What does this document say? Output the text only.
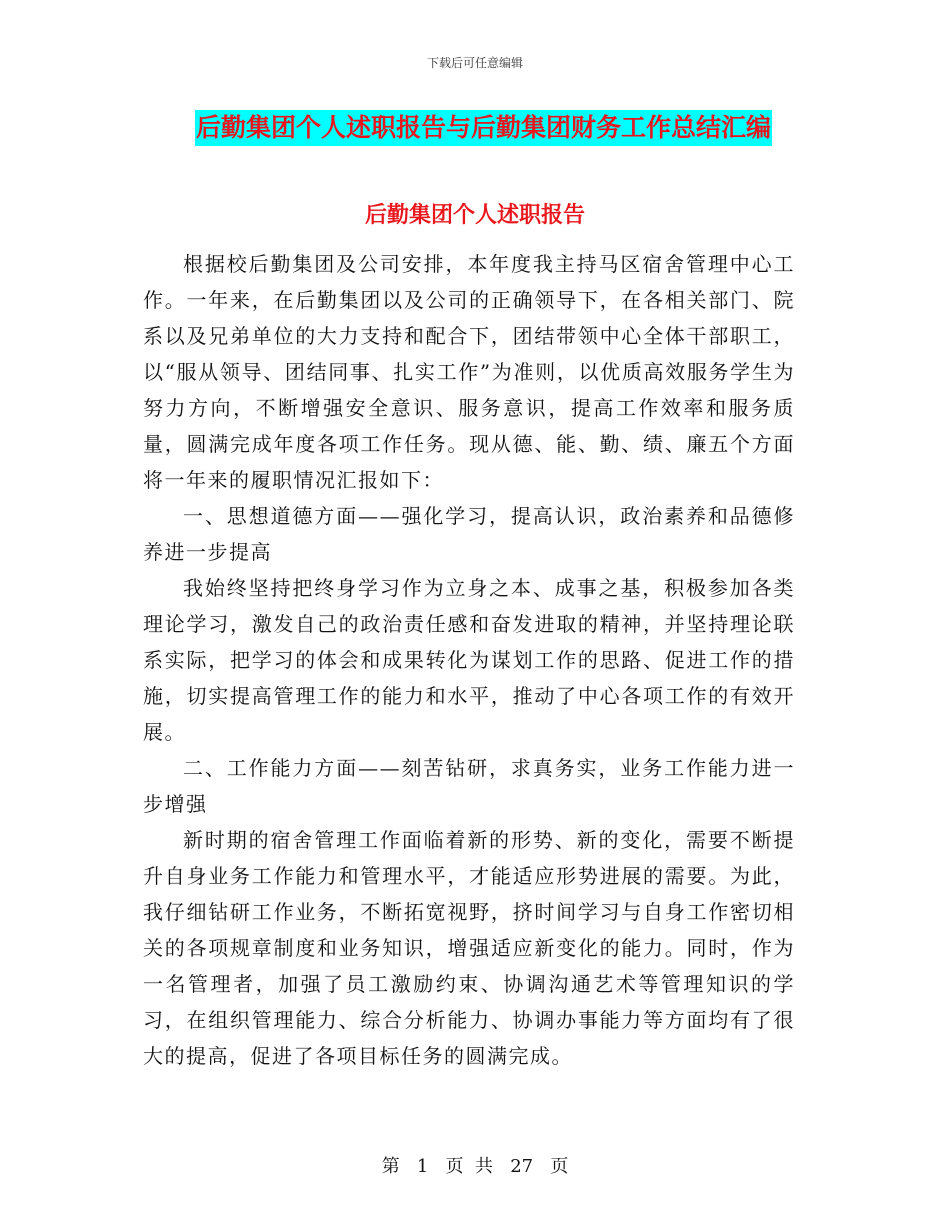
下载后可任意编辑
后勤集团个人述职报告与后勤集团财务工作总结汇编
后勤集团个人述职报告

根据校后勤集团及公司安排，本年度我主持马区宿舍管理中心工作。一年来，在后勤集团以及公司的正确领导下，在各相关部门、院系以及兄弟单位的大力支持和配合下，团结带领中心全体干部职工，以“服从领导、团结同事、扎实工作”为准则，以优质高效服务学生为努力方向，不断增强安全意识、服务意识，提高工作效率和服务质量，圆满完成年度各项工作任务。现从德、能、勤、绩、廉五个方面将一年来的履职情况汇报如下：

一、思想道德方面——强化学习，提高认识，政治素养和品德修养进一步提高

我始终坚持把终身学习作为立身之本、成事之基，积极参加各类理论学习，激发自己的政治责任感和奋发进取的精神，并坚持理论联系实际，把学习的体会和成果转化为谋划工作的思路、促进工作的措施，切实提高管理工作的能力和水平，推动了中心各项工作的有效开展。

二、工作能力方面——刻苦钻研，求真务实，业务工作能力进一步增强

新时期的宿舍管理工作面临着新的形势、新的变化，需要不断提升自身业务工作能力和管理水平，才能适应形势进展的需要。为此，我仔细钻研工作业务，不断拓宽视野，挤时间学习与自身工作密切相关的各项规章制度和业务知识，增强适应新变化的能力。同时，作为一名管理者，加强了员工激励约束、协调沟通艺术等管理知识的学习，在组织管理能力、综合分析能力、协调办事能力等方面均有了很大的提高，促进了各项目标任务的圆满完成。

第 1 页  共 27 页
